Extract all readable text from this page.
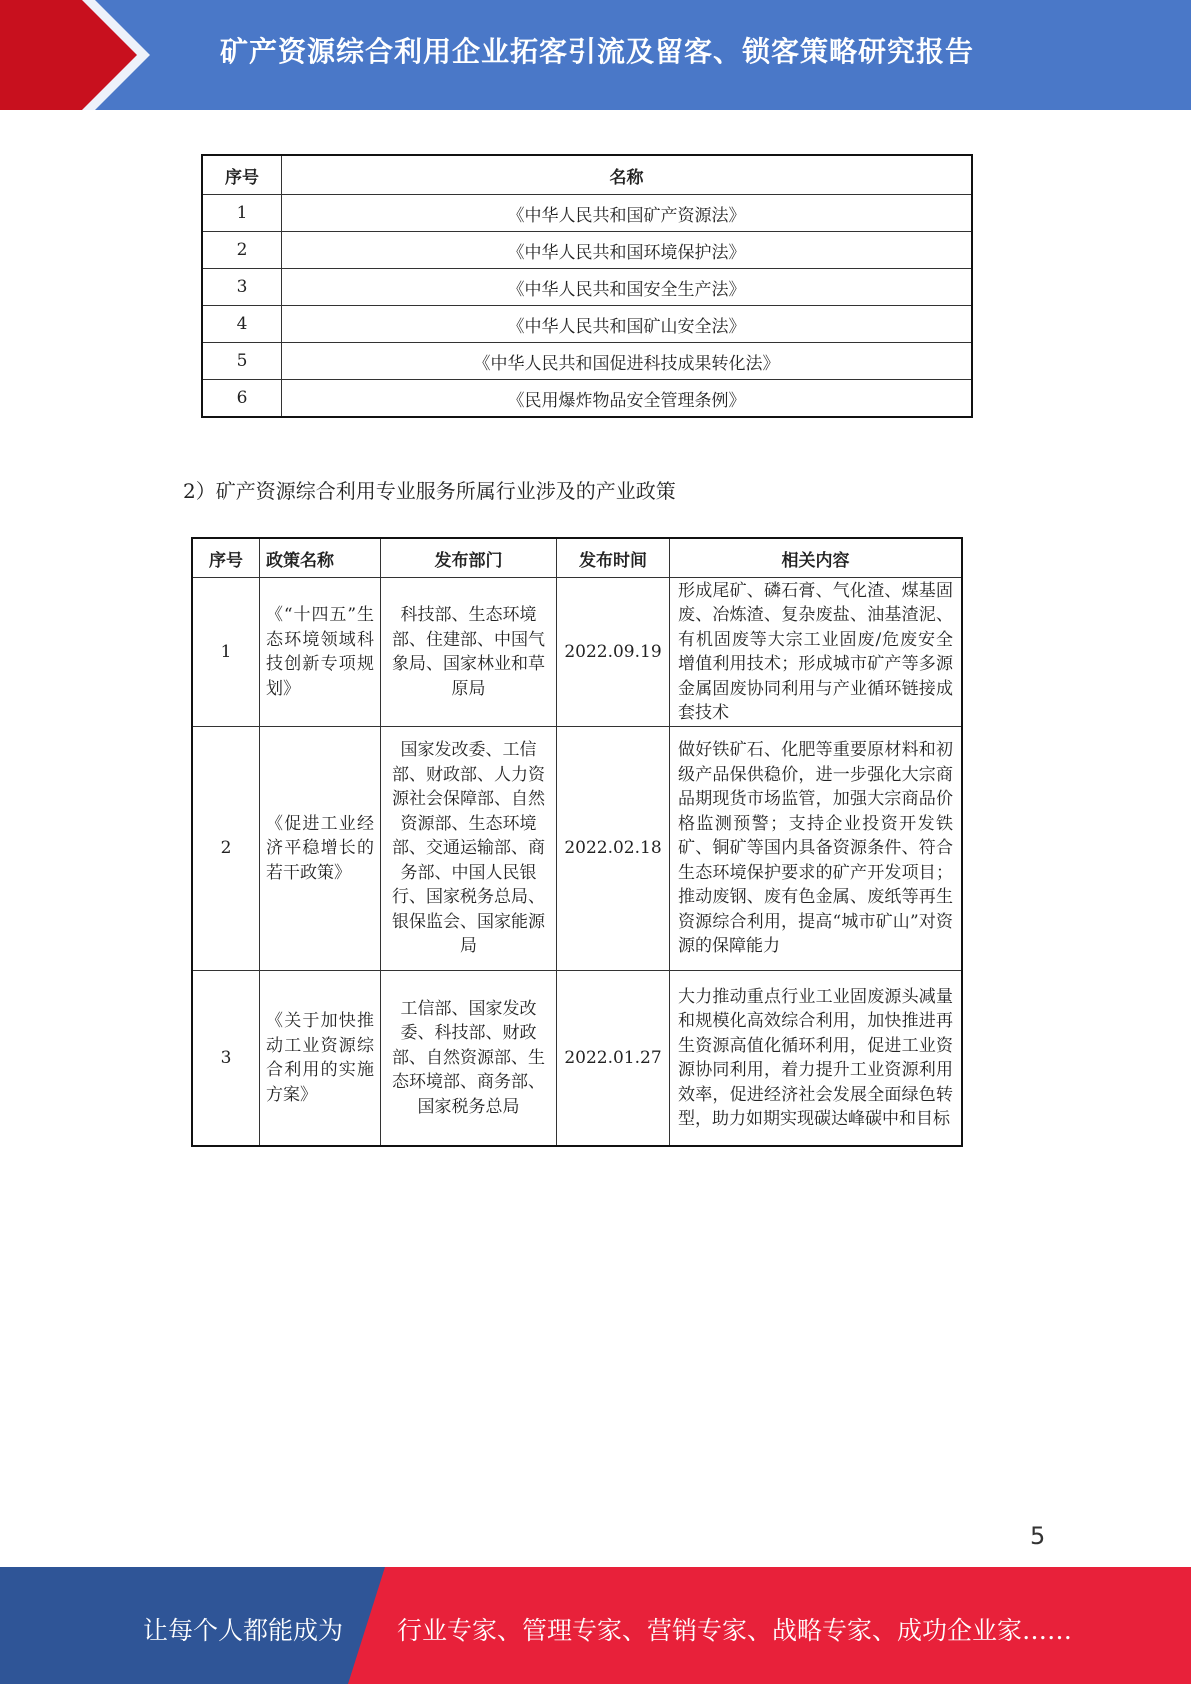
矿产资源综合利用企业拓客引流及留客、锁客策略研究报告
序号	名称
1	《中华人民共和国矿产资源法》
2	《中华人民共和国环境保护法》
3	《中华人民共和国安全生产法》
4	《中华人民共和国矿山安全法》
5	《中华人民共和国促进科技成果转化法》
6	《民用爆炸物品安全管理条例》
2）矿产资源综合利用专业服务所属行业涉及的产业政策
序号	政策名称	发布部门	发布时间	相关内容
1	《“十四五”生态环境领域科技创新专项规划》	科技部、生态环境部、住建部、中国气象局、国家林业和草原局	2022.09.19	形成尾矿、磷石膏、气化渣、煤基固废、冶炼渣、复杂废盐、油基渣泥、有机固废等大宗工业固废/危废安全增值利用技术；形成城市矿产等多源金属固废协同利用与产业循环链接成套技术
2	《促进工业经济平稳增长的若干政策》	国家发改委、工信部、财政部、人力资源社会保障部、自然资源部、生态环境部、交通运输部、商务部、中国人民银行、国家税务总局、银保监会、国家能源局	2022.02.18	做好铁矿石、化肥等重要原材料和初级产品保供稳价，进一步强化大宗商品期现货市场监管，加强大宗商品价格监测预警；支持企业投资开发铁矿、铜矿等国内具备资源条件、符合生态环境保护要求的矿产开发项目；推动废钢、废有色金属、废纸等再生资源综合利用，提高“城市矿山”对资源的保障能力
3	《关于加快推动工业资源综合利用的实施方案》	工信部、国家发改委、科技部、财政部、自然资源部、生态环境部、商务部、国家税务总局	2022.01.27	大力推动重点行业工业固废源头减量和规模化高效综合利用，加快推进再生资源高值化循环利用，促进工业资源协同利用，着力提升工业资源利用效率，促进经济社会发展全面绿色转型，助力如期实现碳达峰碳中和目标
5
让每个人都能成为 行业专家、管理专家、营销专家、战略专家、成功企业家……
